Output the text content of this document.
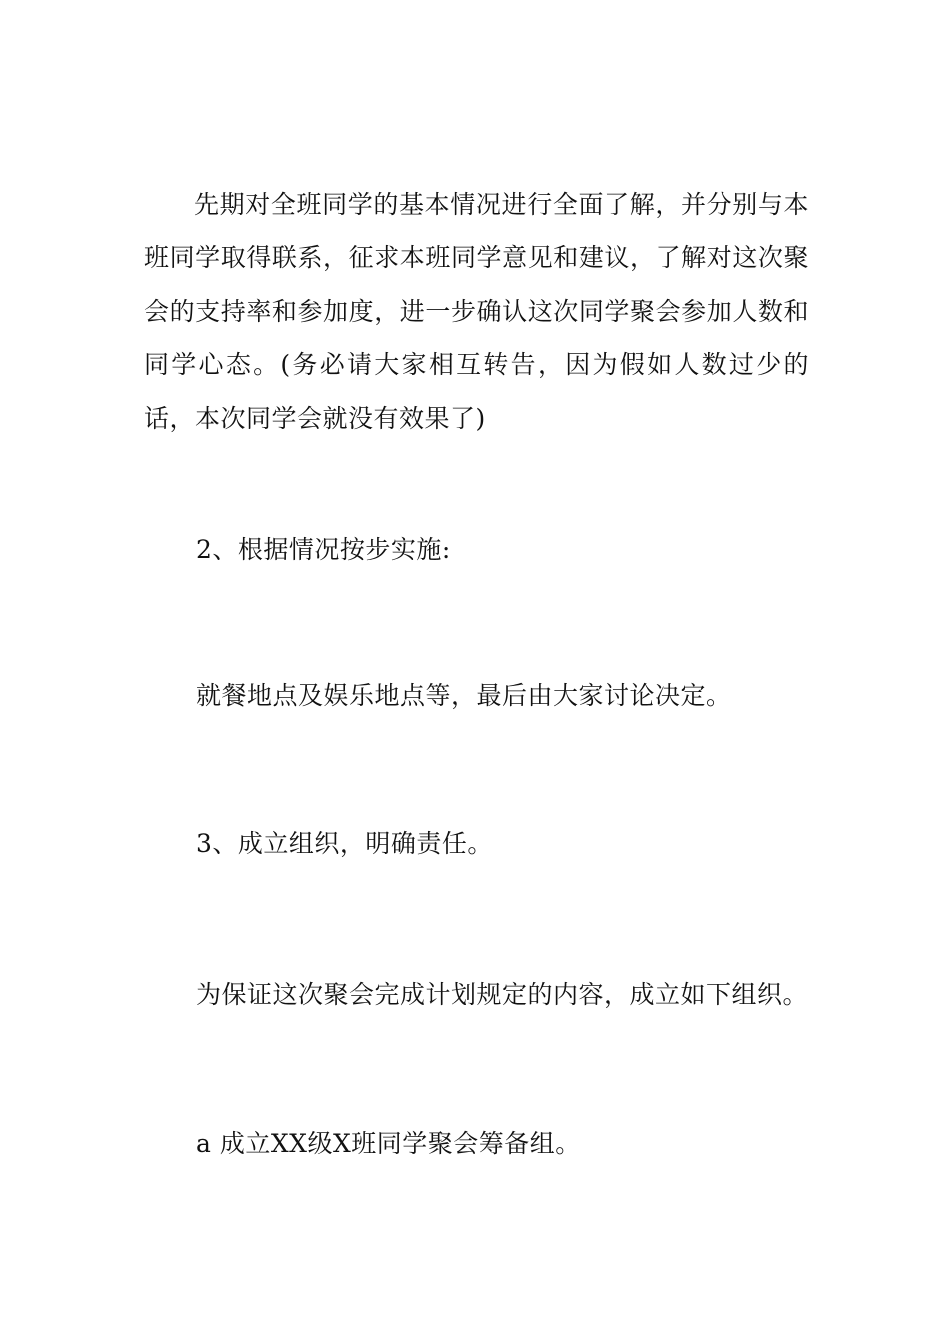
先期对全班同学的基本情况进行全面了解，并分别与本班同学取得联系，征求本班同学意见和建议，了解对这次聚会的支持率和参加度，进一步确认这次同学聚会参加人数和同学心态。(务必请大家相互转告，因为假如人数过少的话，本次同学会就没有效果了)

2、根据情况按步实施:
就餐地点及娱乐地点等，最后由大家讨论决定。
3、成立组织，明确责任。
为保证这次聚会完成计划规定的内容，成立如下组织。
a 成立XX级X班同学聚会筹备组。
